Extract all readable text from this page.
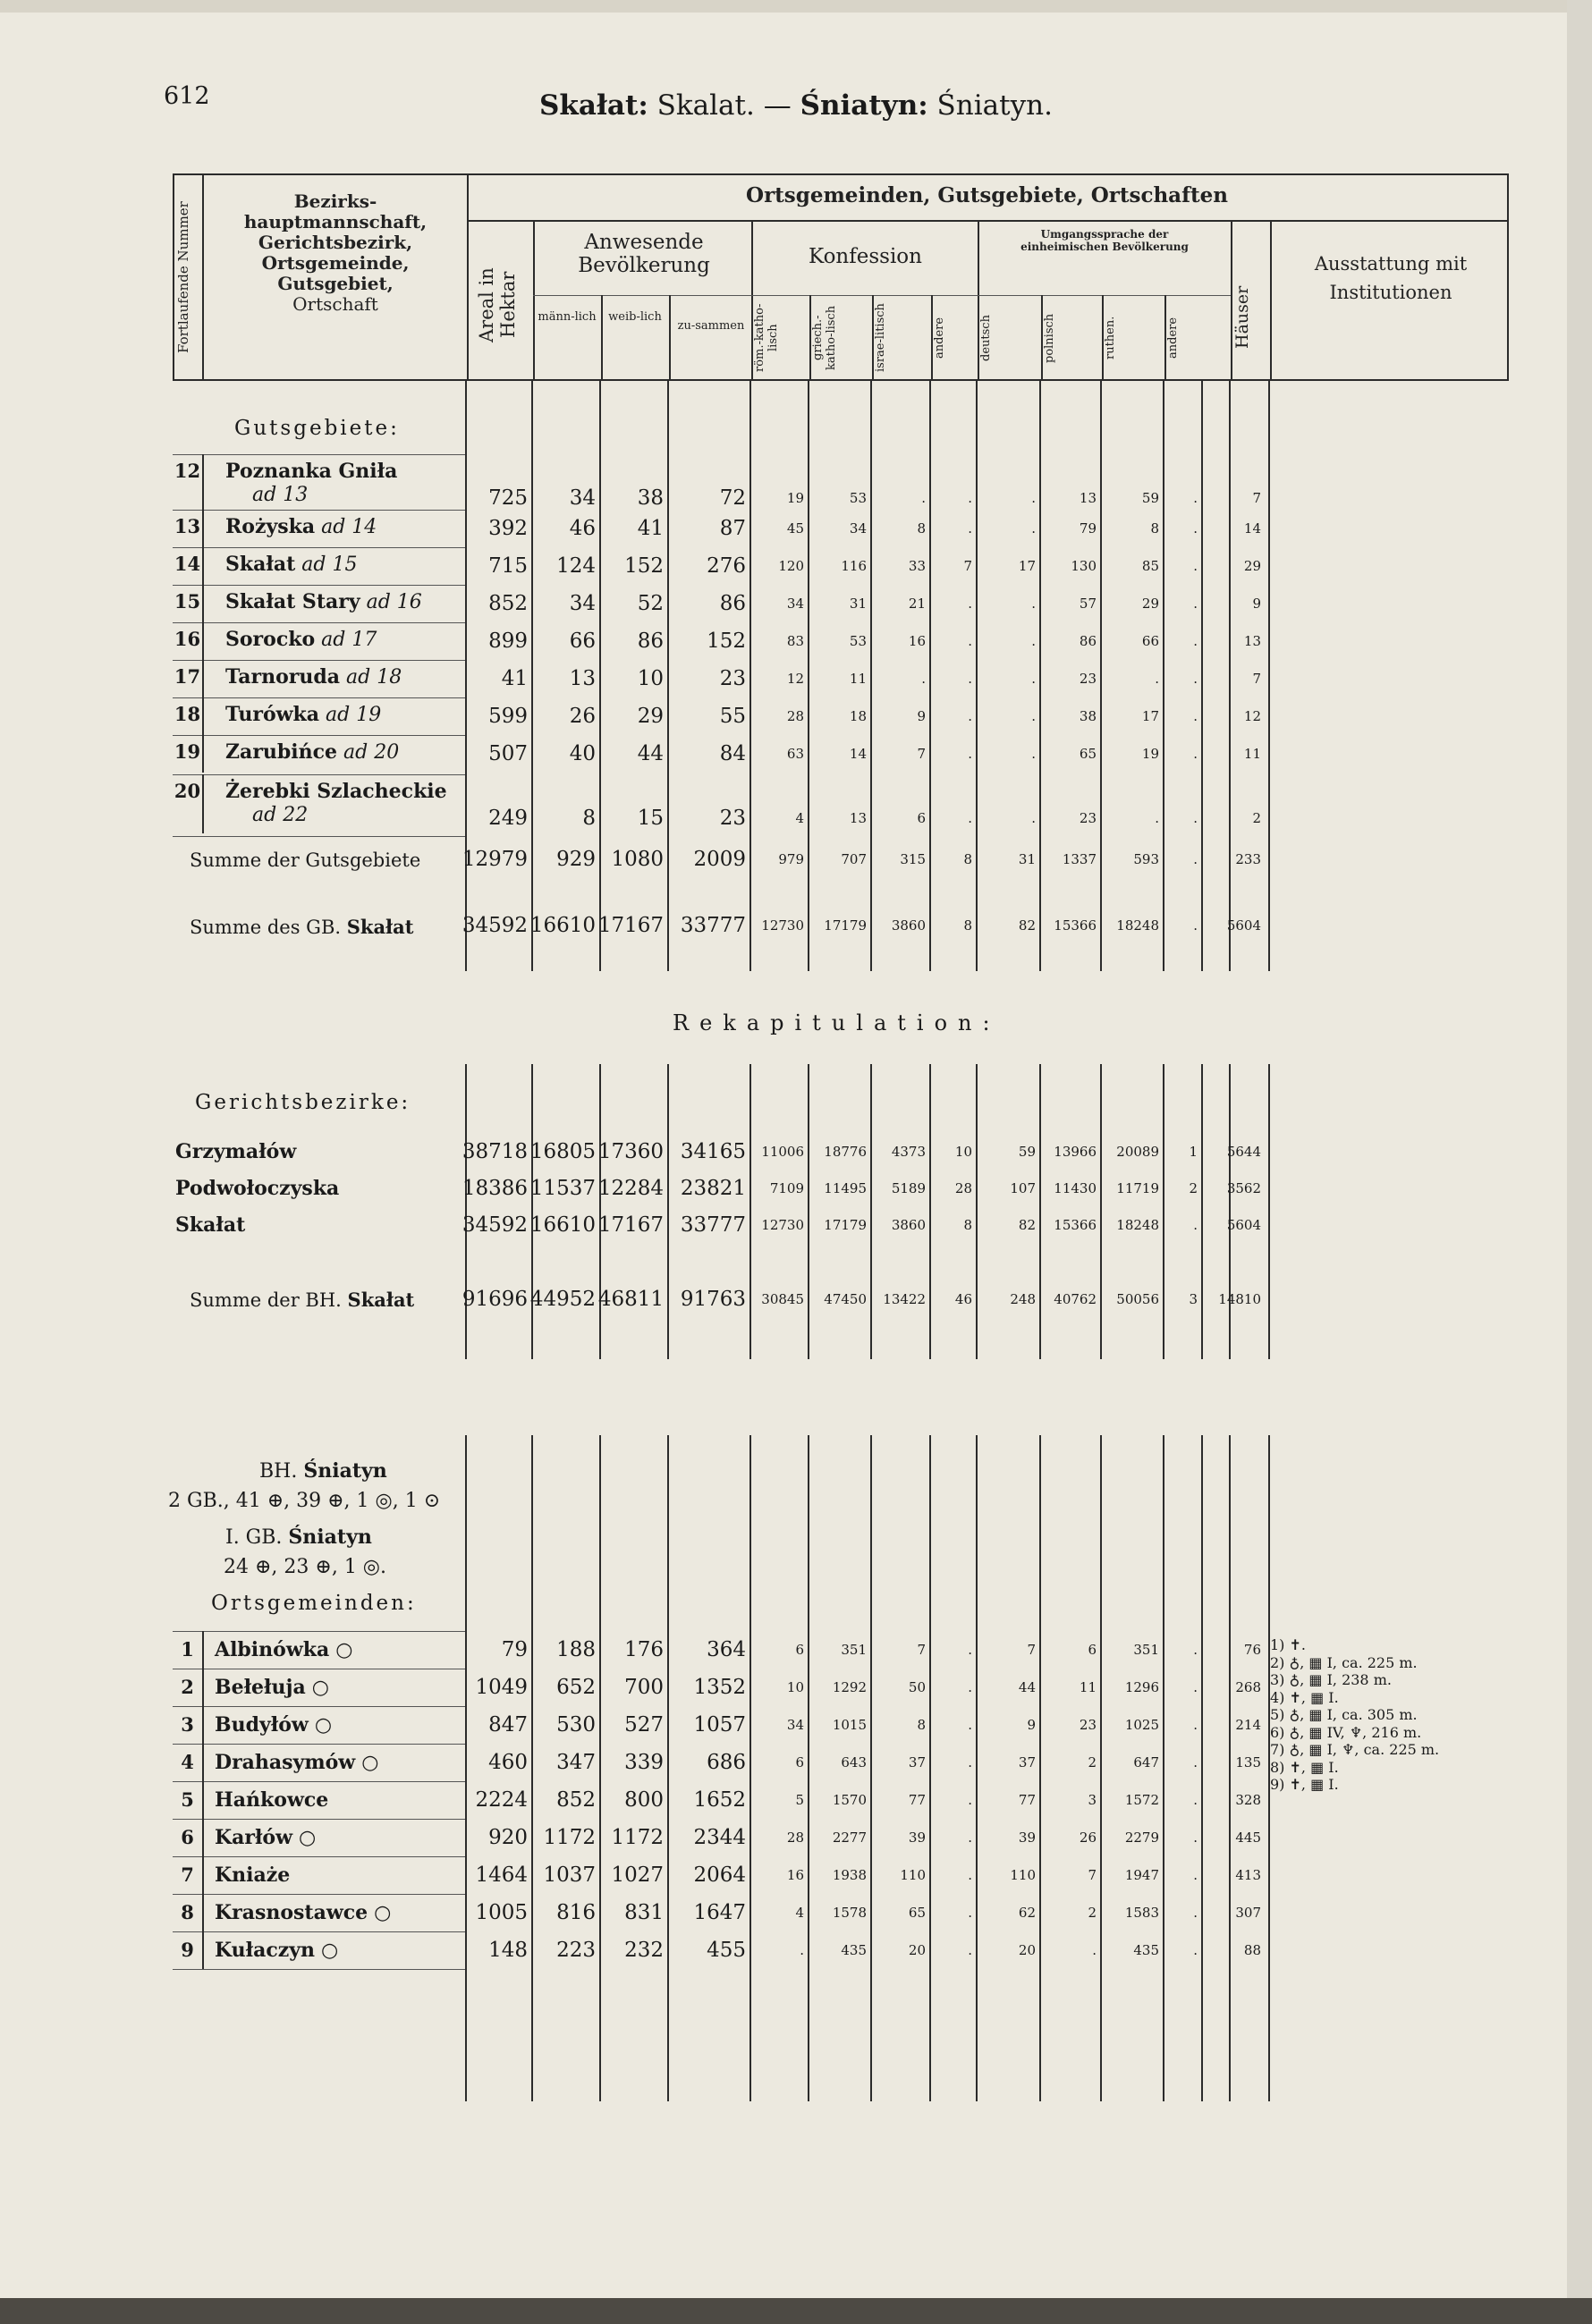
612	Skałat: Skalat. — Śniatyn: Śniatyn.
Fortlaufende Nummer
Bezirks-
hauptmannschaft,
Gerichtsbezirk,
Ortsgemeinde,
Gutsgebiet,
Ortschaft
Ortsgemeinden, Gutsgebiete, Ortschaften
Areal in Hektar
Anwesende Bevölkerung
männ-lich	weib-lich
zu-sammen
Konfession
röm.-katho-lisch	griech.-katho-lisch	israe-litisch	andere
Umgangssprache der einheimischen Bevölkerung
deutsch	polnisch	ruthen.	andere	Häuser
Ausstattung mit Institutionen
Gutsgebiete:
12 Poznanka Gniła
ad 13	725	34	38	72	19	53	.	.	.	13	59	.	7
13 Rożyska ad 14	392	46	41	87	45	34	8	.	.	79	8	.	14
14 Skałat ad 15	715	124	152	276	120	116	33	7	17	130	85	.	29
15 Skałat Stary ad 16	852	34	52	86	34	31	21	.	.	57	29	.	9
16 Sorocko ad 17	899	66	86	152	83	53	16	.	.	86	66	.	13
17 Tarnoruda ad 18	41	13	10	23	12	11	.	.	.	23	.	.	7
18 Turówka ad 19	599	26	29	55	28	18	9	.	.	38	17	.	12
19 Zarubińce ad 20	507	40	44	84	63	14	7	.	.	65	19	.	11
20 Żerebki Szlacheckie
ad 22	249	8	15	23	4	13	6	.	.	23	.	.	2
Summe der Gutsgebiete 12979	929 1080	2009	979	707	315	8	31	1337	593	.	233
Summe des GB. Skałat 34592 16610 17167 33777	12730	17179	3860	8	82	15366	18248	.	5604
Rekapitulation:
Gerichtsbezirke:
Grzymałów	38718 16805 17360 34165	11006	18776	4373	10	59	13966	20089	1	5644
Podwołoczyska	18386 11537 12284 23821	7109	11495	5189	28	107	11430	11719	2	3562
Skałat	34592 16610 17167 33777	12730	17179	3860	8	82	15366	18248	.	5604
Summe der BH. Skałat 91696 44952 46811 91763	30845	47450	13422	46	248	40762	50056	3	14810
BH. Śniatyn
2 GB., 41 ⊕, 39 ⊕, 1 ◎, 1 ⊙
I. GB. Śniatyn
24 ⊕, 23 ⊕, 1 ◎.
Ortsgemeinden:
1	Albinówka ○	79	188	176	364	6	351	7	.	7	6	351	.	76
2	Bełełuja ○	1049	652	700	1352	10	1292	50	.	44	11	1296	.	268
3	Budyłów ○	847	530	527	1057	34	1015	8	.	9	23	1025	.	214
4	Drahasymów ○	460	347	339	686	6	643	37	.	37	2	647	.	135
5	Hańkowce	2224	852	800	1652	5	1570	77	.	77	3	1572	.	328
6	Karłów ○	920 1172 1172	2344	28	2277	39	.	39	26	2279	.	445
7	Kniaże	1464 1037 1027	2064	16	1938	110	.	110	7	1947	.	413
8	Krasnostawce ○	1005	816	831	1647	4	1578	65	.	62	2	1583	.	307
9	Kułaczyn ○	148	223	232	455	.	435	20	.	20	.	435	.	88
1) ✝.
2) ♁, ▦ I, ca. 225 m.
3) ♁, ▦ I, 238 m.
4) ✝, ▦ I.
5) ♁, ▦ I, ca. 305 m.
6) ♁, ▦ IV, ♆, 216 m.
7) ♁, ▦ I, ♆, ca. 225 m.
8) ✝, ▦ I.
9) ✝, ▦ I.
